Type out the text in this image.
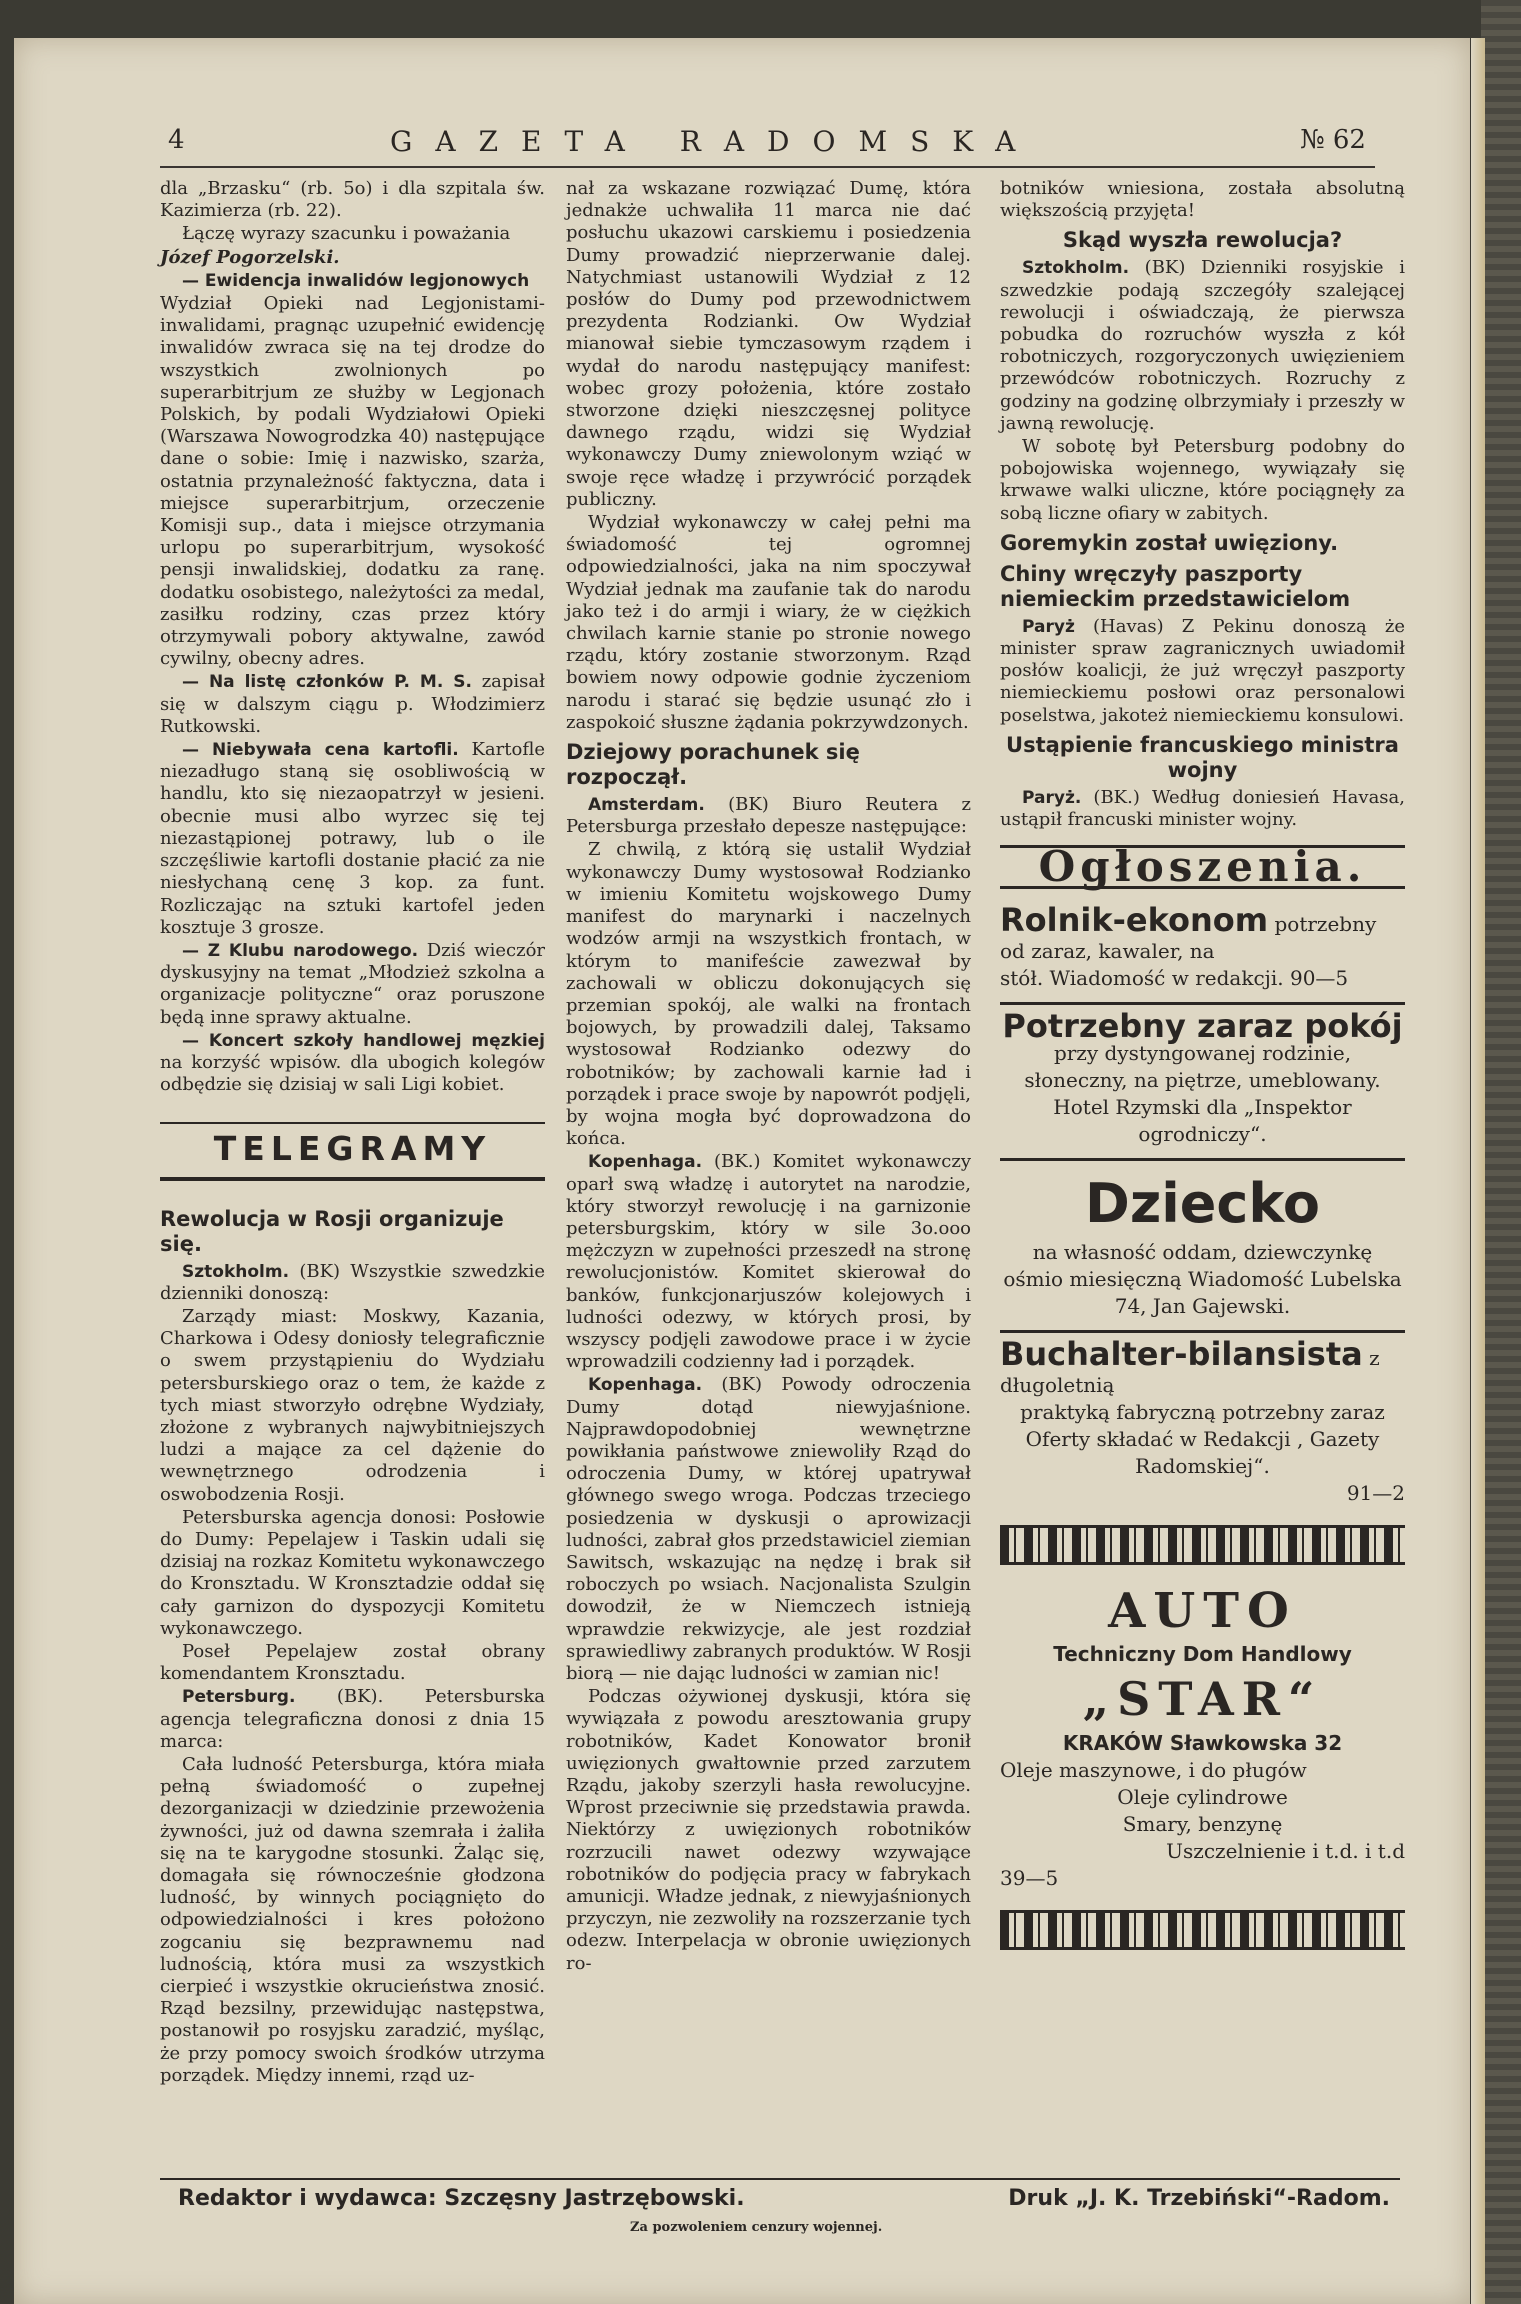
4	GAZETA RADOMSKA	№ 62

dla „Brzasku“ (rb. 5o) i dla szpitala św. Kazimierza (rb. 22).

Łączę wyrazy szacunku i poważania

Józef Pogorzelski.

— Ewidencja inwalidów legjonowych

Wydział Opieki nad Legjonistami-inwalidami, pragnąc uzupełnić ewidencję inwalidów zwraca się na tej drodze do wszystkich zwolnionych po superarbitrjum ze służby w Legjonach Polskich, by podali Wydziałowi Opieki (Warszawa Nowogrodzka 40) następujące dane o sobie: Imię i nazwisko, szarża, ostatnia przynależność faktyczna, data i miejsce superarbitrjum, orzeczenie Komisji sup., data i miejsce otrzymania urlopu po superarbitrjum, wysokość pensji inwalidskiej, dodatku za ranę. dodatku osobistego, należytości za medal, zasiłku rodziny, czas przez który otrzymywali pobory aktywalne, zawód cywilny, obecny adres.

— Na listę członków P. M. S. zapisał się w dalszym ciągu p. Włodzimierz Rutkowski.

— Niebywała cena kartofli. Kartofle niezadługo staną się osobliwością w handlu, kto się niezaopatrzył w jesieni. obecnie musi albo wyrzec się tej niezastąpionej potrawy, lub o ile szczęśliwie kartofli dostanie płacić za nie niesłychaną cenę 3 kop. za funt. Rozliczając na sztuki kartofel jeden kosztuje 3 grosze.

— Z Klubu narodowego. Dziś wieczór dyskusyjny na temat „Młodzież szkolna a organizacje polityczne“ oraz poruszone będą inne sprawy aktualne.

— Koncert szkoły handlowej męzkiej na korzyść wpisów. dla ubogich kolegów odbędzie się dzisiaj w sali Ligi kobiet.

TELEGRAMY
Rewolucja w Rosji organizuje się.

Sztokholm. (BK) Wszystkie szwedzkie dzienniki donoszą:

Zarządy miast: Moskwy, Kazania, Charkowa i Odesy doniosły telegraficznie o swem przystąpieniu do Wydziału petersburskiego oraz o tem, że każde z tych miast stworzyło odrębne Wydziały, złożone z wybranych najwybitniejszych ludzi a mające za cel dążenie do wewnętrznego odrodzenia i oswobodzenia Rosji.

Petersburska agencja donosi: Posłowie do Dumy: Pepelajew i Taskin udali się dzisiaj na rozkaz Komitetu wykonawczego do Kronsztadu. W Kronsztadzie oddał się cały garnizon do dyspozycji Komitetu wykonawczego.

Poseł Pepelajew został obrany komendantem Kronsztadu.

Petersburg. (BK). Petersburska agencja telegraficzna donosi z dnia 15 marca:

Cała ludność Petersburga, która miała pełną świadomość o zupełnej dezorganizacji w dziedzinie przewożenia żywności, już od dawna szemrała i żaliła się na te karygodne stosunki. Żaląc się, domagała się równocześnie głodzona ludność, by winnych pociągnięto do odpowiedzialności i kres położono zogcaniu się bezprawnemu nad ludnością, która musi za wszystkich cierpieć i wszystkie okrucieństwa znosić. Rząd bezsilny, przewidując następstwa, postanowił po rosyjsku zaradzić, myśląc, że przy pomocy swoich środków utrzyma porządek. Między innemi, rząd uz-

nał za wskazane rozwiązać Dumę, która jednakże uchwaliła 11 marca nie dać posłuchu ukazowi carskiemu i posiedzenia Dumy prowadzić nieprzerwanie dalej. Natychmiast ustanowili Wydział z 12 posłów do Dumy pod przewodnictwem prezydenta Rodzianki. Ow Wydział mianował siebie tymczasowym rządem i wydał do narodu następujący manifest: wobec grozy położenia, które zostało stworzone dzięki nieszczęsnej polityce dawnego rządu, widzi się Wydział wykonawczy Dumy zniewolonym wziąć w swoje ręce władzę i przywrócić porządek publiczny.

Wydział wykonawczy w całej pełni ma świadomość tej ogromnej odpowiedzialności, jaka na nim spoczywał Wydział jednak ma zaufanie tak do narodu jako też i do armji i wiary, że w ciężkich chwilach karnie stanie po stronie nowego rządu, który zostanie stworzonym. Rząd bowiem nowy odpowie godnie życzeniom narodu i starać się będzie usunąć zło i zaspokoić słuszne żądania pokrzywdzonych.

Dziejowy porachunek się rozpoczął.

Amsterdam. (BK) Biuro Reutera z Petersburga przesłało depesze następujące:

Z chwilą, z którą się ustalił Wydział wykonawczy Dumy wystosował Rodzianko w imieniu Komitetu wojskowego Dumy manifest do marynarki i naczelnych wodzów armji na wszystkich frontach, w którym to manifeście zawezwał by zachowali w obliczu dokonujących się przemian spokój, ale walki na frontach bojowych, by prowadzili dalej, Taksamo wystosował Rodzianko odezwy do robotników; by zachowali karnie ład i porządek i prace swoje by napowrót podjęli, by wojna mogła być doprowadzona do końca.

Kopenhaga. (BK.) Komitet wykonawczy oparł swą władzę i autorytet na narodzie, który stworzył rewolucję i na garnizonie petersburgskim, który w sile 3o.ooo mężczyzn w zupełności przeszedł na stronę rewolucjonistów. Komitet skierował do banków, funkcjonarjuszów kolejowych i ludności odezwy, w których prosi, by wszyscy podjęli zawodowe prace i w życie wprowadzili codzienny ład i porządek.

Kopenhaga. (BK) Powody odroczenia Dumy dotąd niewyjaśnione. Najprawdopodobniej wewnętrzne powikłania państwowe zniewoliły Rząd do odroczenia Dumy, w której upatrywał głównego swego wroga. Podczas trzeciego posiedzenia w dyskusji o aprowizacji ludności, zabrał głos przedstawiciel ziemian Sawitsch, wskazując na nędzę i brak sił roboczych po wsiach. Nacjonalista Szulgin dowodził, że w Niemczech istnieją wprawdzie rekwizycje, ale jest rozdział sprawiedliwy zabranych produktów. W Rosji biorą — nie dając ludności w zamian nic!

Podczas ożywionej dyskusji, która się wywiązała z powodu aresztowania grupy robotników, Kadet Konowator bronił uwięzionych gwałtownie przed zarzutem Rządu, jakoby szerzyli hasła rewolucyjne. Wprost przeciwnie się przedstawia prawda. Niektórzy z uwięzionych robotników rozrzucili nawet odezwy wzywające robotników do podjęcia pracy w fabrykach amunicji. Władze jednak, z niewyjaśnionych przyczyn, nie zezwoliły na rozszerzanie tych odezw. Interpelacja w obronie uwięzionych ro-

botników wniesiona, została absolutną większością przyjęta!

Skąd wyszła rewolucja?

Sztokholm. (BK) Dzienniki rosyjskie i szwedzkie podają szczegóły szalejącej rewolucji i oświadczają, że pierwsza pobudka do rozruchów wyszła z kół robotniczych, rozgoryczonych uwięzieniem przewódców robotniczych. Rozruchy z godziny na godzinę olbrzymiały i przeszły w jawną rewolucję.

W sobotę był Petersburg podobny do pobojowiska wojennego, wywiązały się krwawe walki uliczne, które pociągnęły za sobą liczne ofiary w zabitych.

Goremykin został uwięziony.
Chiny wręczyły paszporty niemieckim przedstawicielom

Paryż (Havas) Z Pekinu donoszą że minister spraw zagranicznych uwiadomił posłów koalicji, że już wręczył paszporty niemieckiemu posłowi oraz personalowi poselstwa, jakoteż niemieckiemu konsulowi.

Ustąpienie francuskiego ministra wojny

Paryż. (BK.) Według doniesień Havasa, ustąpił francuski minister wojny.

Ogłoszenia.
Rolnik-ekonom potrzebny od zaraz, kawaler, na
stół. Wiadomość w redakcji. 90—5
Potrzebny zaraz pokój
przy dystyngowanej rodzinie, słoneczny, na piętrze, umeblowany. Hotel Rzymski dla „Inspektor ogrodniczy“.
Dziecko
na własność oddam, dziewczynkę ośmio miesięczną Wiadomość Lubelska 74, Jan Gajewski.
Buchalter-bilansista z długoletnią
praktyką fabryczną potrzebny zaraz Oferty składać w Redakcji , Gazety Radomskiej“.
91—2
AUTO
Techniczny Dom Handlowy
„STAR“
KRAKÓW Sławkowska 32
Oleje maszynowe, i do pługów
Oleje cylindrowe
Smary, benzynę
Uszczelnienie i t.d. i t.d
39—5
Redaktor i wydawca: Szczęsny Jastrzębowski.	Druk „J. K. Trzebiński“-Radom.
Za pozwoleniem cenzury wojennej.
